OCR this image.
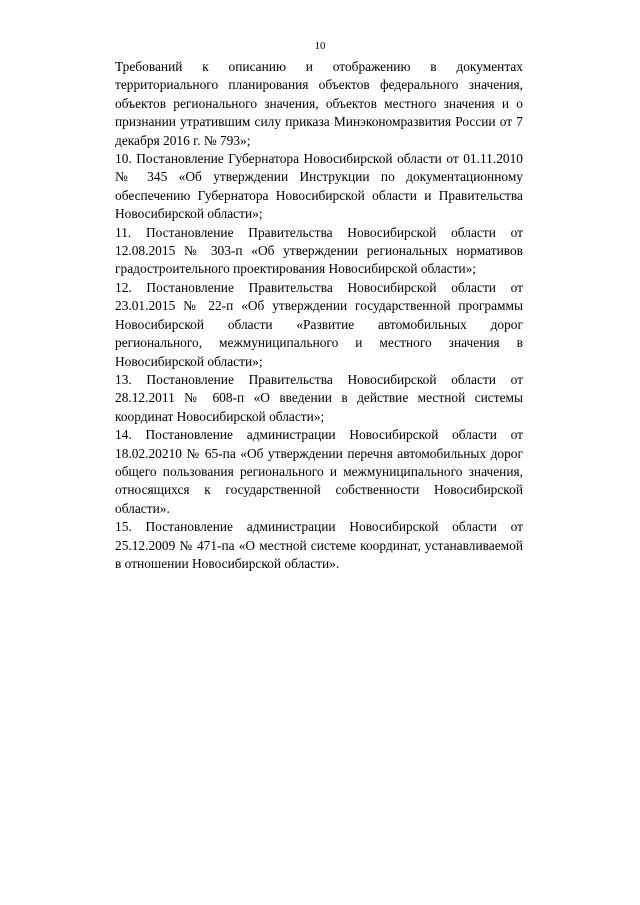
10

Требований к описанию и отображению в документах территориального планирования объектов федерального значения, объектов регионального значения, объектов местного значения и о признании утратившим силу приказа Минэкономразвития России от 7 декабря 2016 г. № 793»;

10. Постановление Губернатора Новосибирской области от 01.11.2010 № 345 «Об утверждении Инструкции по документационному обеспечению Губернатора Новосибирской области и Правительства Новосибирской области»;

11. Постановление Правительства Новосибирской области от 12.08.2015 № 303-п «Об утверждении региональных нормативов градостроительного проектирования Новосибирской области»;

12. Постановление Правительства Новосибирской области от 23.01.2015 № 22-п «Об утверждении государственной программы Новосибирской области «Развитие автомобильных дорог регионального, межмуниципального и местного значения в Новосибирской области»;

13. Постановление Правительства Новосибирской области от 28.12.2011 № 608-п «О введении в действие местной системы координат Новосибирской области»;

14. Постановление администрации Новосибирской области от 18.02.20210 № 65-па «Об утверждении перечня автомобильных дорог общего пользования регионального и межмуниципального значения, относящихся к государственной собственности Новосибирской области».

15. Постановление администрации Новосибирской области от 25.12.2009 № 471-па «О местной системе координат, устанавливаемой в отношении Новосибирской области».
